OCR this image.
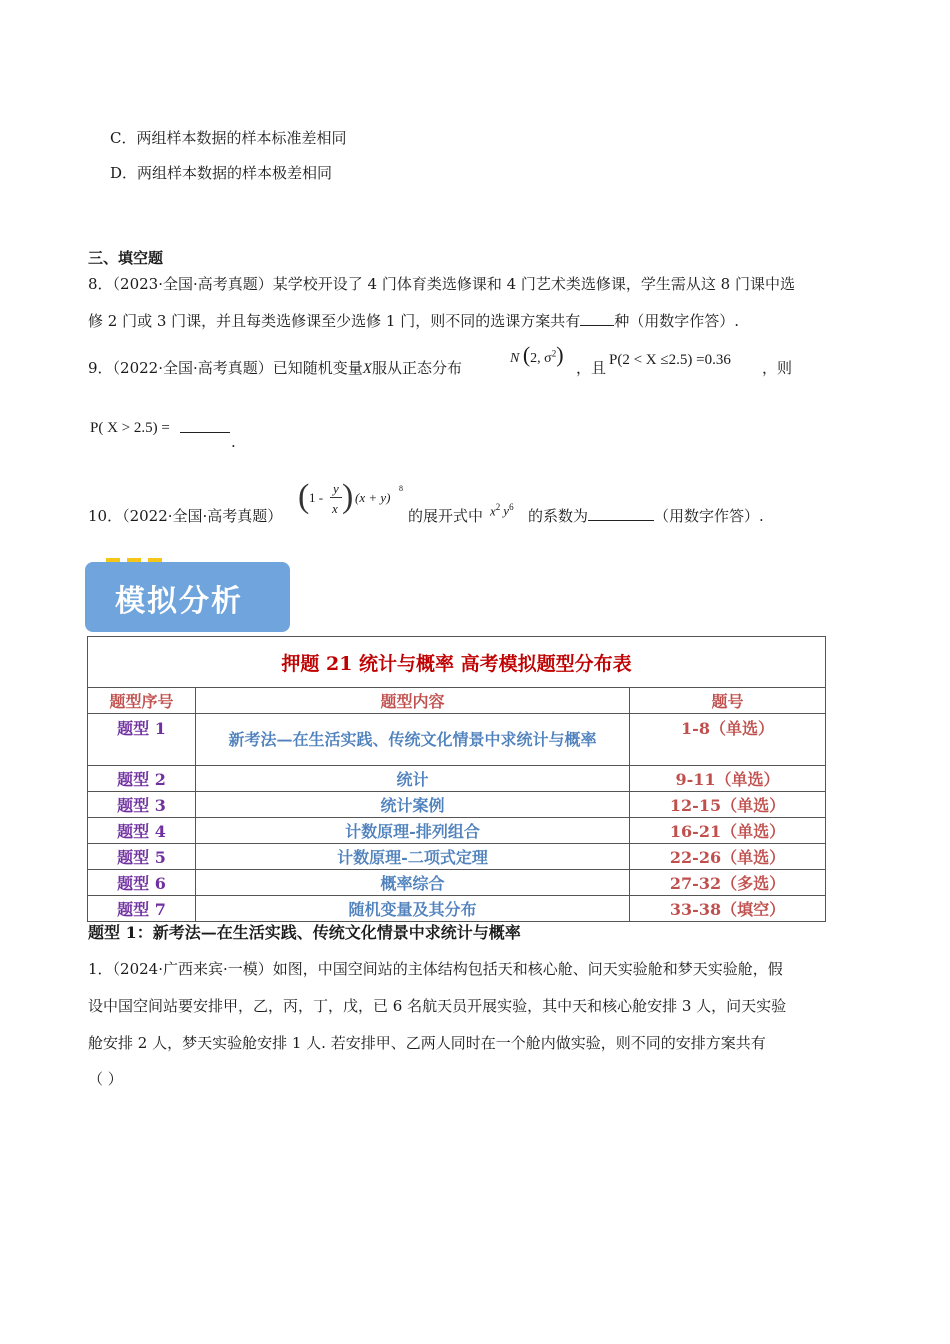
C．两组样本数据的样本标准差相同
D．两组样本数据的样本极差相同
三、填空题
8．（2023·全国·高考真题）某学校开设了 4 门体育类选修课和 4 门艺术类选修课，学生需从这 8 门课中选
修 2 门或 3 门课，并且每类选修课至少选修 1 门，则不同的选课方案共有 种（用数字作答）.
9．（2022·全国·高考真题）已知随机变量X服从正态分布
N (2, $\sigma^2$)
，且 P(2 < X ≤2.5) =0.36 ，则
P( X > 2.5) =
.
10．（2022·全国·高考真题）
( 1 -
y
x ) (x + y)
8
的展开式中 $x^2$ $y^6$ 的系数为	（用数字作答）.
模拟分析
押题 21 统计与概率 高考模拟题型分布表		
题型序号	题型内容	题号
题型 1	新考法—在生活实践、传统文化情景中求统计与概率	1-8（单选）
题型 2	统计	9-11（单选）
题型 3	统计案例	12-15（单选）
题型 4	计数原理-排列组合	16-21（单选）
题型 5	计数原理-二项式定理	22-26（单选）
题型 6	概率综合	27-32（多选）
题型 7	随机变量及其分布	33-38（填空）
题型 1：新考法—在生活实践、传统文化情景中求统计与概率
1．（2024·广西来宾·一模）如图，中国空间站的主体结构包括天和核心舱、问天实验舱和梦天实验舱，假
设中国空间站要安排甲，乙，丙，丁，戊，已 6 名航天员开展实验，其中天和核心舱安排 3 人，问天实验
舱安排 2 人，梦天实验舱安排 1 人. 若安排甲、乙两人同时在一个舱内做实验，则不同的安排方案共有
（ ）
